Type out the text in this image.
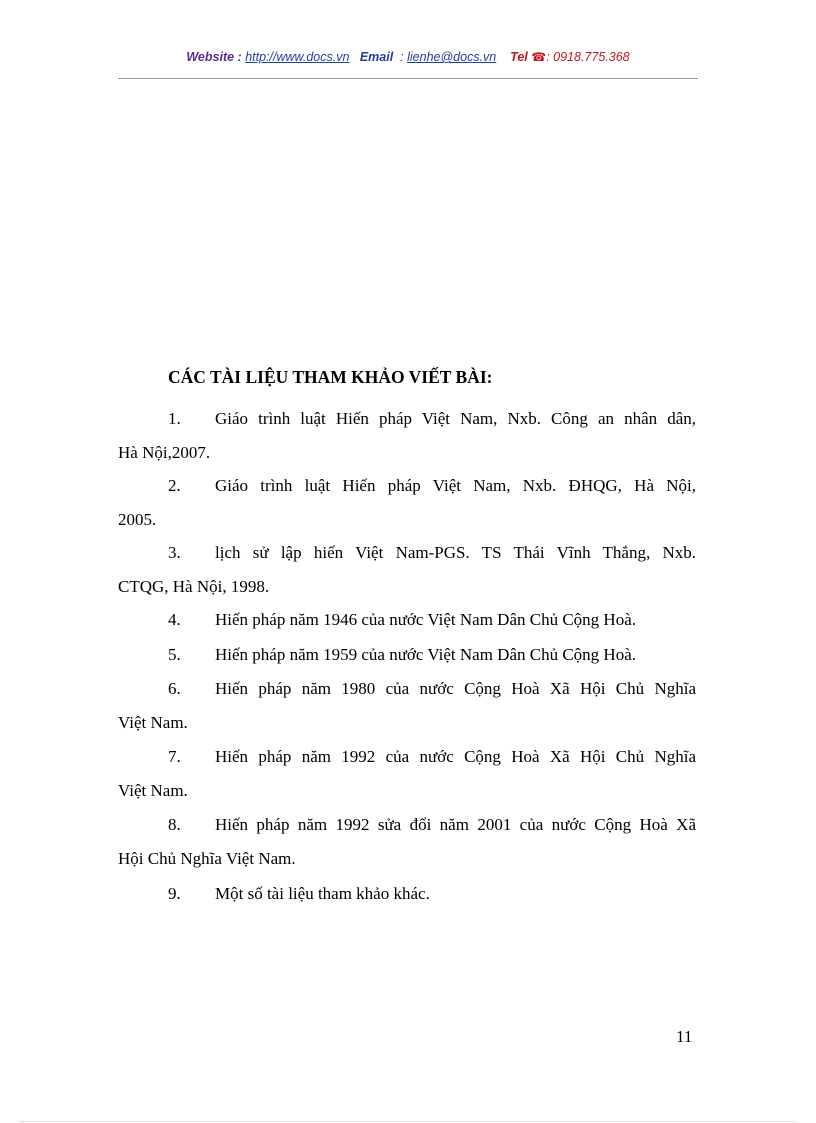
Website : http://www.docs.vn Email : lienhe@docs.vn Tel ☎: 0918.775.368
CÁC TÀI LIỆU THAM KHẢO VIẾT BÀI:
1.	Giáo trình luật Hiến pháp Việt Nam, Nxb. Công an nhân dân,
Hà Nội,2007.
2.	Giáo trình luật Hiến pháp Việt Nam, Nxb. ĐHQG, Hà Nội,
2005.
3.	lịch sử lập hiến Việt Nam-PGS. TS Thái Vĩnh Thắng, Nxb.
CTQG, Hà Nội, 1998.
4.	Hiến pháp năm 1946 của nước Việt Nam Dân Chủ Cộng Hoà.
5.	Hiến pháp năm 1959 của nước Việt Nam Dân Chủ Cộng Hoà.
6.	Hiến pháp năm 1980 của nước Cộng Hoà Xã Hội Chủ Nghĩa
Việt Nam.
7.	Hiến pháp năm 1992 của nước Cộng Hoà Xã Hội Chủ Nghĩa
Việt Nam.
8.	Hiến pháp năm 1992 sửa đổi năm 2001 của nước Cộng Hoà Xã
Hội Chủ Nghĩa Việt Nam.
9.	Một số tài liệu tham khảo khác.
11
